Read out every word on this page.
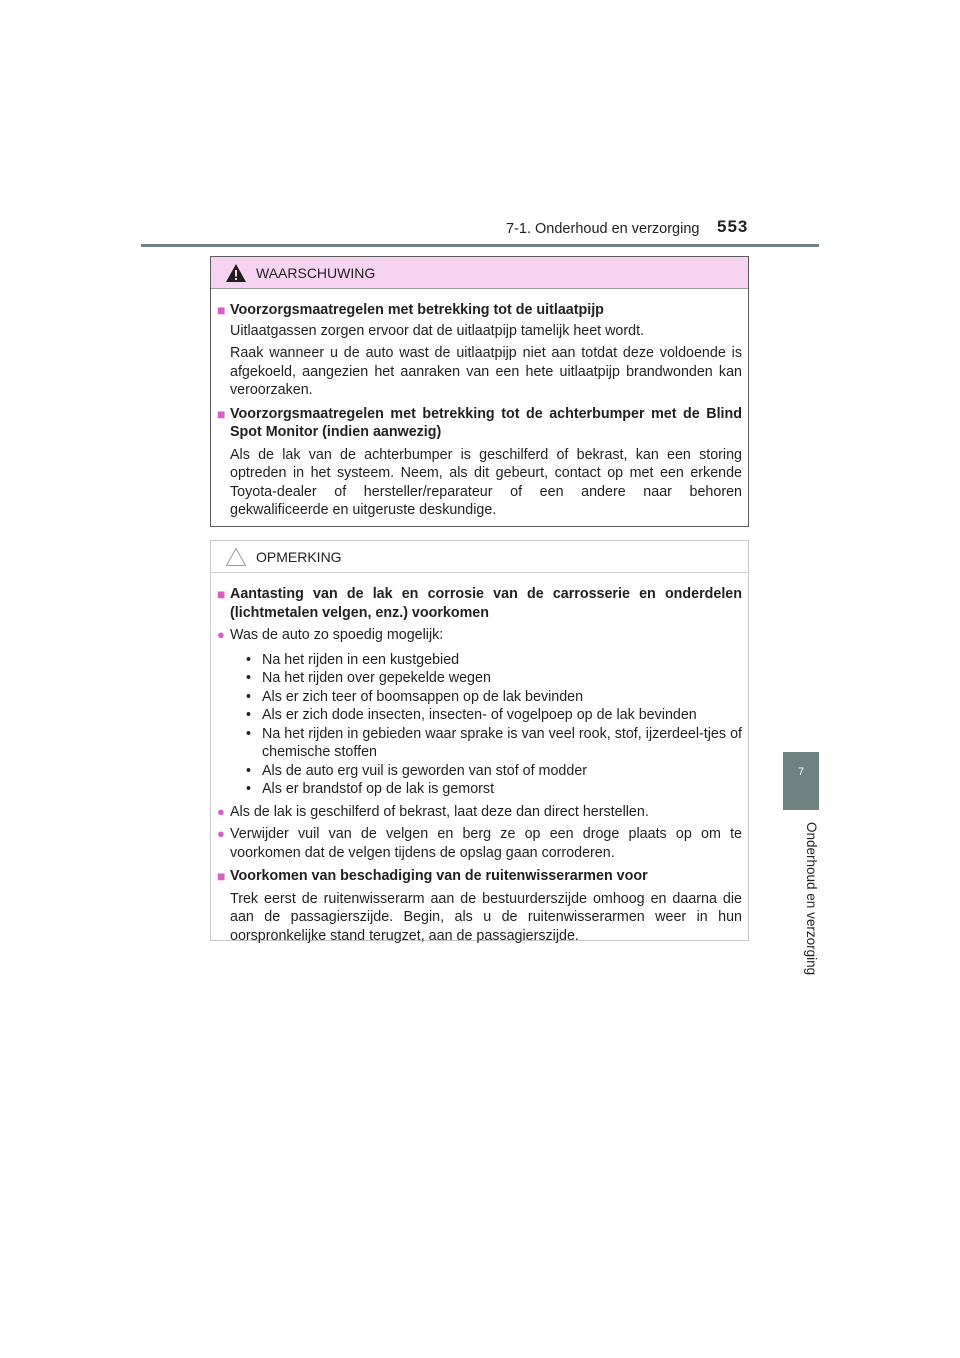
7-1. Onderhoud en verzorging 553
7
Onderhoud en verzorging
WAARSCHUWING
■ Voorzorgsmaatregelen met betrekking tot de uitlaatpijp
Uitlaatgassen zorgen ervoor dat de uitlaatpijp tamelijk heet wordt.
Raak wanneer u de auto wast de uitlaatpijp niet aan totdat deze voldoende is afgekoeld, aangezien het aanraken van een hete uitlaatpijp brandwonden kan veroorzaken.
■ Voorzorgsmaatregelen met betrekking tot de achterbumper met de Blind Spot Monitor (indien aanwezig)
Als de lak van de achterbumper is geschilferd of bekrast, kan een storing optreden in het systeem. Neem, als dit gebeurt, contact op met een erkende Toyota-dealer of hersteller/reparateur of een andere naar behoren gekwalificeerde en uitgeruste deskundige.
OPMERKING
■ Aantasting van de lak en corrosie van de carrosserie en onderdelen (lichtmetalen velgen, enz.) voorkomen
● Was de auto zo spoedig mogelijk:
• Na het rijden in een kustgebied
• Na het rijden over gepekelde wegen
• Als er zich teer of boomsappen op de lak bevinden
• Als er zich dode insecten, insecten- of vogelpoep op de lak bevinden
• Na het rijden in gebieden waar sprake is van veel rook, stof, ijzerdeel-tjes of chemische stoffen
• Als de auto erg vuil is geworden van stof of modder
• Als er brandstof op de lak is gemorst
● Als de lak is geschilferd of bekrast, laat deze dan direct herstellen.
● Verwijder vuil van de velgen en berg ze op een droge plaats op om te voorkomen dat de velgen tijdens de opslag gaan corroderen.
■ Voorkomen van beschadiging van de ruitenwisserarmen voor
Trek eerst de ruitenwisserarm aan de bestuurderszijde omhoog en daarna die aan de passagierszijde. Begin, als u de ruitenwisserarmen weer in hun oorspronkelijke stand terugzet, aan de passagierszijde.
